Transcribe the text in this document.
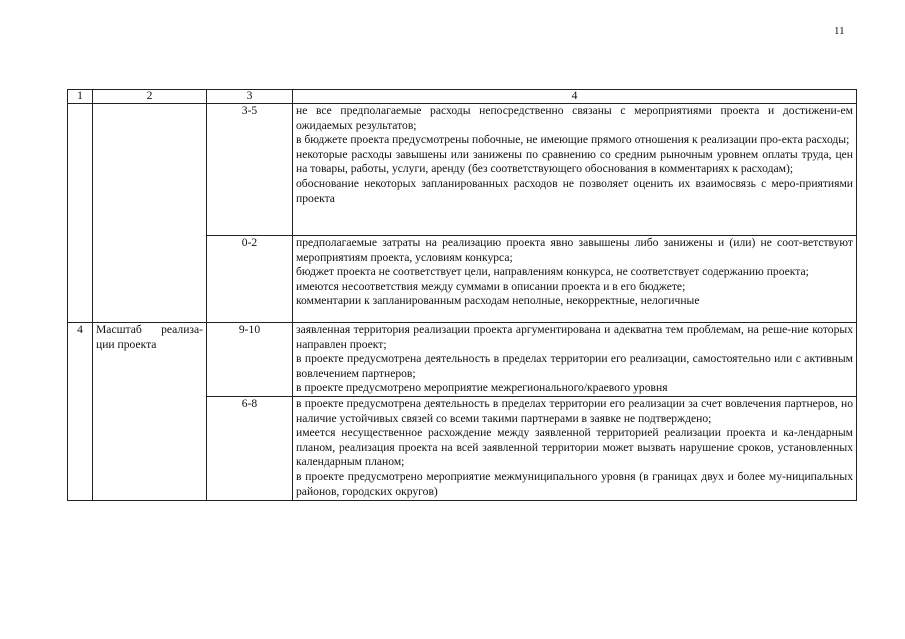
11
1	2	3	4
		3-5	не все предполагаемые расходы непосредственно связаны с мероприятиями проекта и достижени-ем ожидаемых результатов;

в бюджете проекта предусмотрены побочные, не имеющие прямого отношения к реализации про-екта расходы;

некоторые расходы завышены или занижены по сравнению со средним рыночным уровнем оплаты труда, цен на товары, работы, услуги, аренду (без соответствующего обоснования в комментариях к расходам);

обоснование некоторых запланированных расходов не позволяет оценить их взаимосвязь с меро-приятиями проекта

		0-2	предполагаемые затраты на реализацию проекта явно завышены либо занижены и (или) не соот-ветствуют мероприятиям проекта, условиям конкурса;

бюджет проекта не соответствует цели, направлениям конкурса, не соответствует содержанию проекта;

имеются несоответствия между суммами в описании проекта и в его бюджете;

комментарии к запланированным расходам неполные, некорректные, нелогичные

4	Масштаб реализа-ции проекта	9-10	заявленная территория реализации проекта аргументирована и адекватна тем проблемам, на реше-ние которых направлен проект;

в проекте предусмотрена деятельность в пределах территории его реализации, самостоятельно или с активным вовлечением партнеров;

в проекте предусмотрено мероприятие межрегионального/краевого уровня

		6-8	в проекте предусмотрена деятельность в пределах территории его реализации за счет вовлечения партнеров, но наличие устойчивых связей со всеми такими партнерами в заявке не подтверждено;

имеется несущественное расхождение между заявленной территорией реализации проекта и ка-лендарным планом, реализация проекта на всей заявленной территории может вызвать нарушение сроков, установленных календарным планом;

в проекте предусмотрено мероприятие межмуниципального уровня (в границах двух и более му-ниципальных районов, городских округов)
